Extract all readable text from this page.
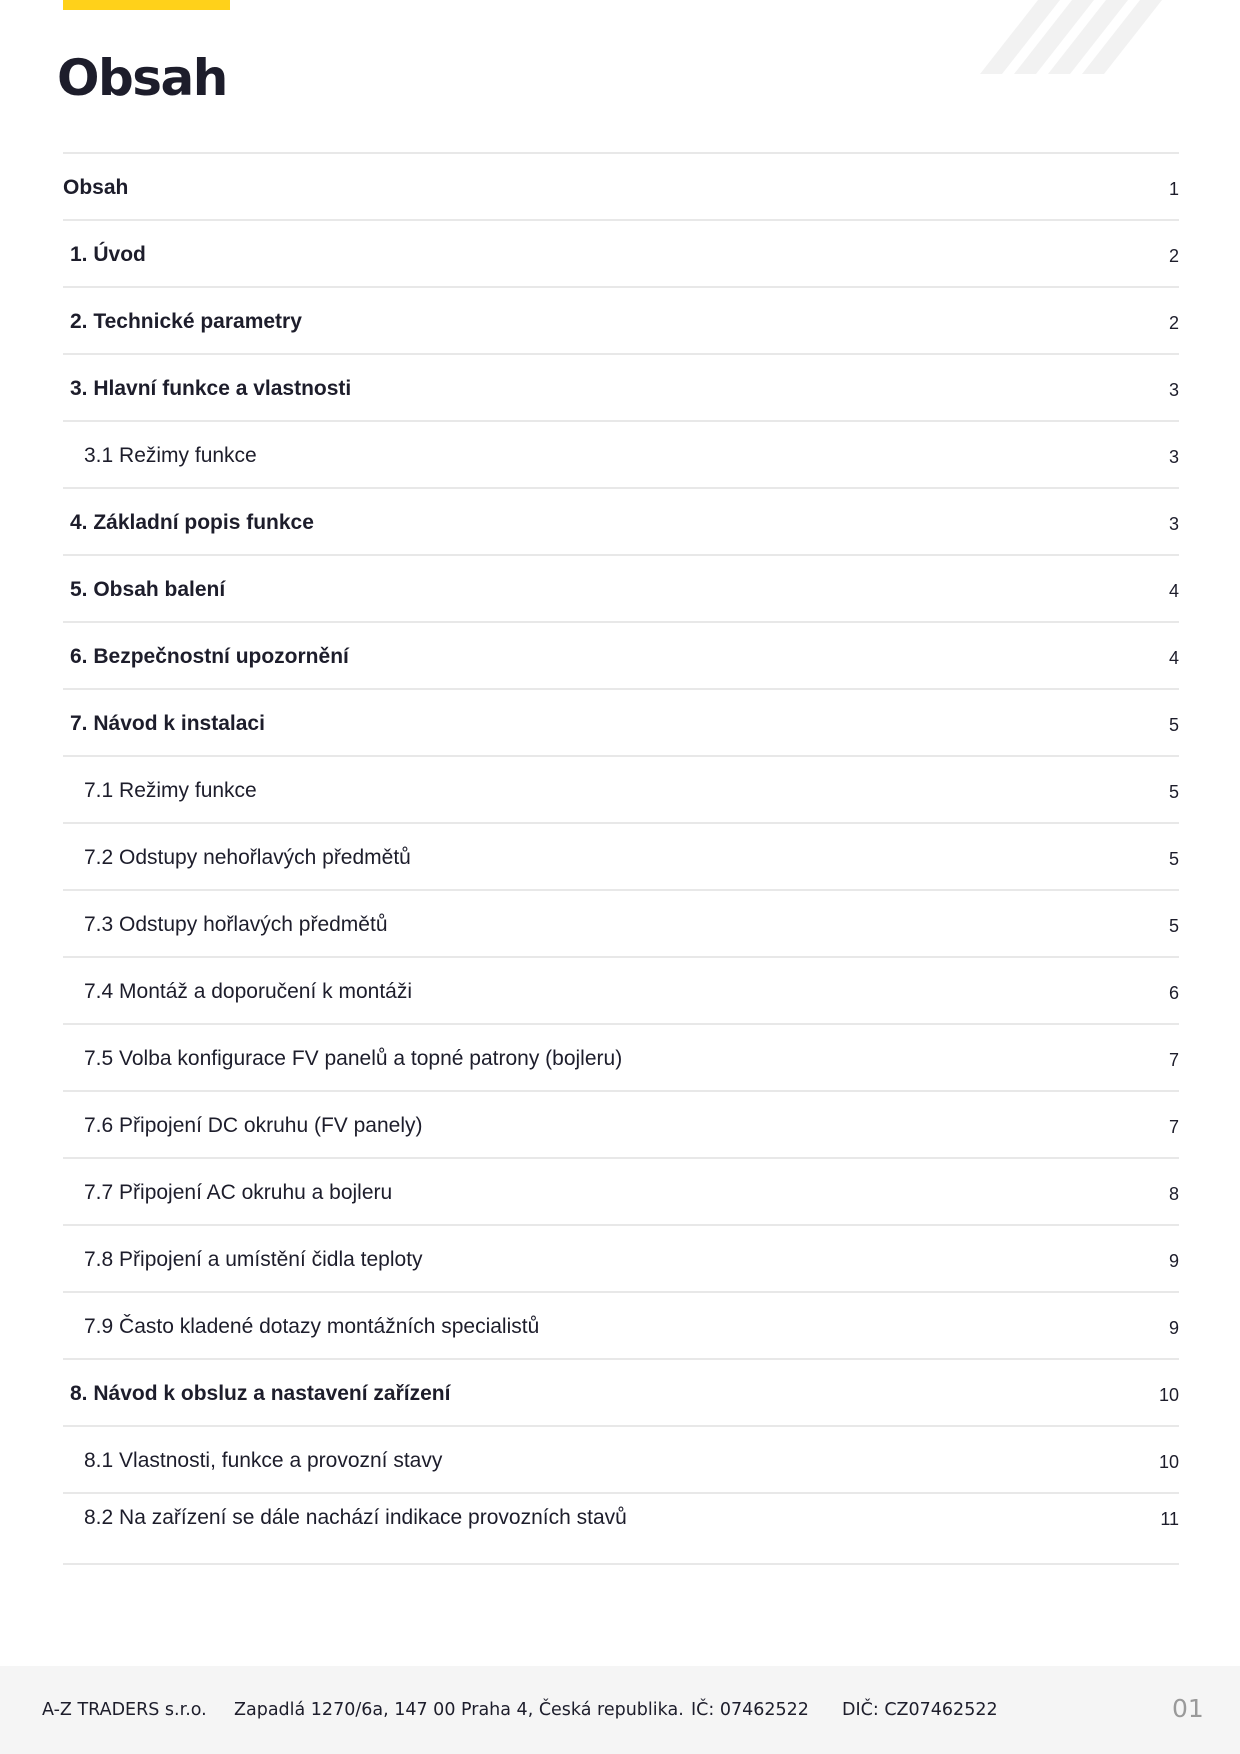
Obsah
Obsah	1
1. Úvod	2
2. Technické parametry	2
3. Hlavní funkce a vlastnosti	3
3.1 Režimy funkce	3
4. Základní popis funkce	3
5. Obsah balení	4
6. Bezpečnostní upozornění	4
7. Návod k instalaci	5
7.1 Režimy funkce	5
7.2 Odstupy nehořlavých předmětů	5
7.3 Odstupy hořlavých předmětů	5
7.4 Montáž a doporučení k montáži	6
7.5 Volba konfigurace FV panelů a topné patrony (bojleru)	7
7.6 Připojení DC okruhu (FV panely)	7
7.7 Připojení AC okruhu a bojleru	8
7.8 Připojení a umístění čidla teploty	9
7.9 Často kladené dotazy montážních specialistů	9
8. Návod k obsluz a nastavení zařízení	10
8.1 Vlastnosti, funkce a provozní stavy	10
8.2 Na zařízení se dále nachází indikace provozních stavů	11
A-Z TRADERS s.r.o. Zapadlá 1270/6a, 147 00 Praha 4, Česká republika. IČ: 07462522 DIČ: CZ07462522	01
